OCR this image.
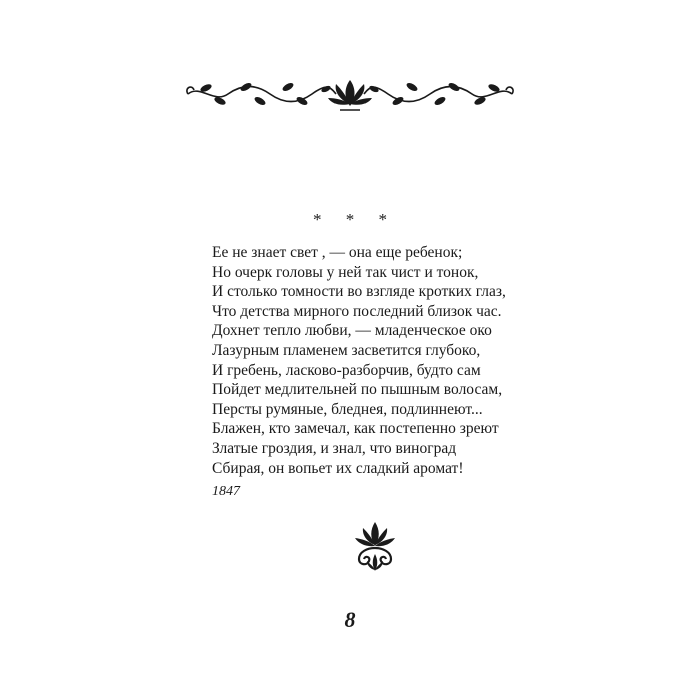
* * *
Ее не знает свет , — она еще ребенок;
Но очерк головы у ней так чист и тонок,
И столько томности во взгляде кротких глаз,
Что детства мирного последний близок час.
Дохнет тепло любви, — младенческое око
Лазурным пламенем засветится глубоко,
И гребень, ласково-разборчив, будто сам
Пойдет медлительней по пышным волосам,
Персты румяные, бледнея, подлиннеют...
Блажен, кто замечал, как постепенно зреют
Златые гроздия, и знал, что виноград
Сбирая, он вопьет их сладкий аромат!
1847
8
